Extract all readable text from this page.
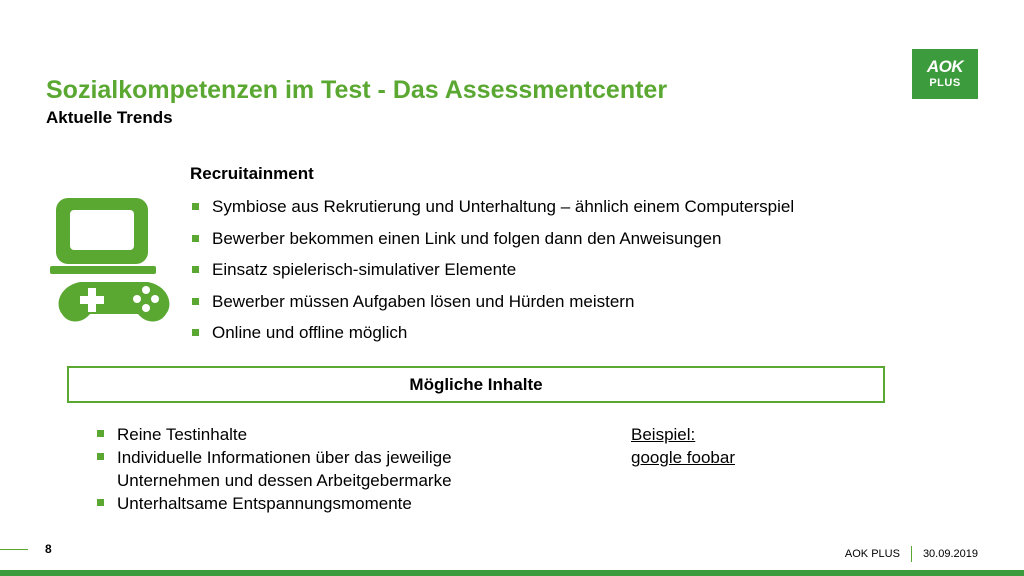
Sozialkompetenzen im Test - Das Assessmentcenter
Aktuelle Trends
AOK
PLUS
Recruitainment
Symbiose aus Rekrutierung und Unterhaltung – ähnlich einem Computerspiel
Bewerber bekommen einen Link und folgen dann den Anweisungen
Einsatz spielerisch-simulativer Elemente
Bewerber müssen Aufgaben lösen und Hürden meistern
Online und offline möglich
Mögliche Inhalte
Reine Testinhalte
Individuelle Informationen über das jeweilige Unternehmen und dessen Arbeitgebermarke
Unterhaltsame Entspannungsmomente
Beispiel:
google foobar
8	AOK PLUS 30.09.2019
